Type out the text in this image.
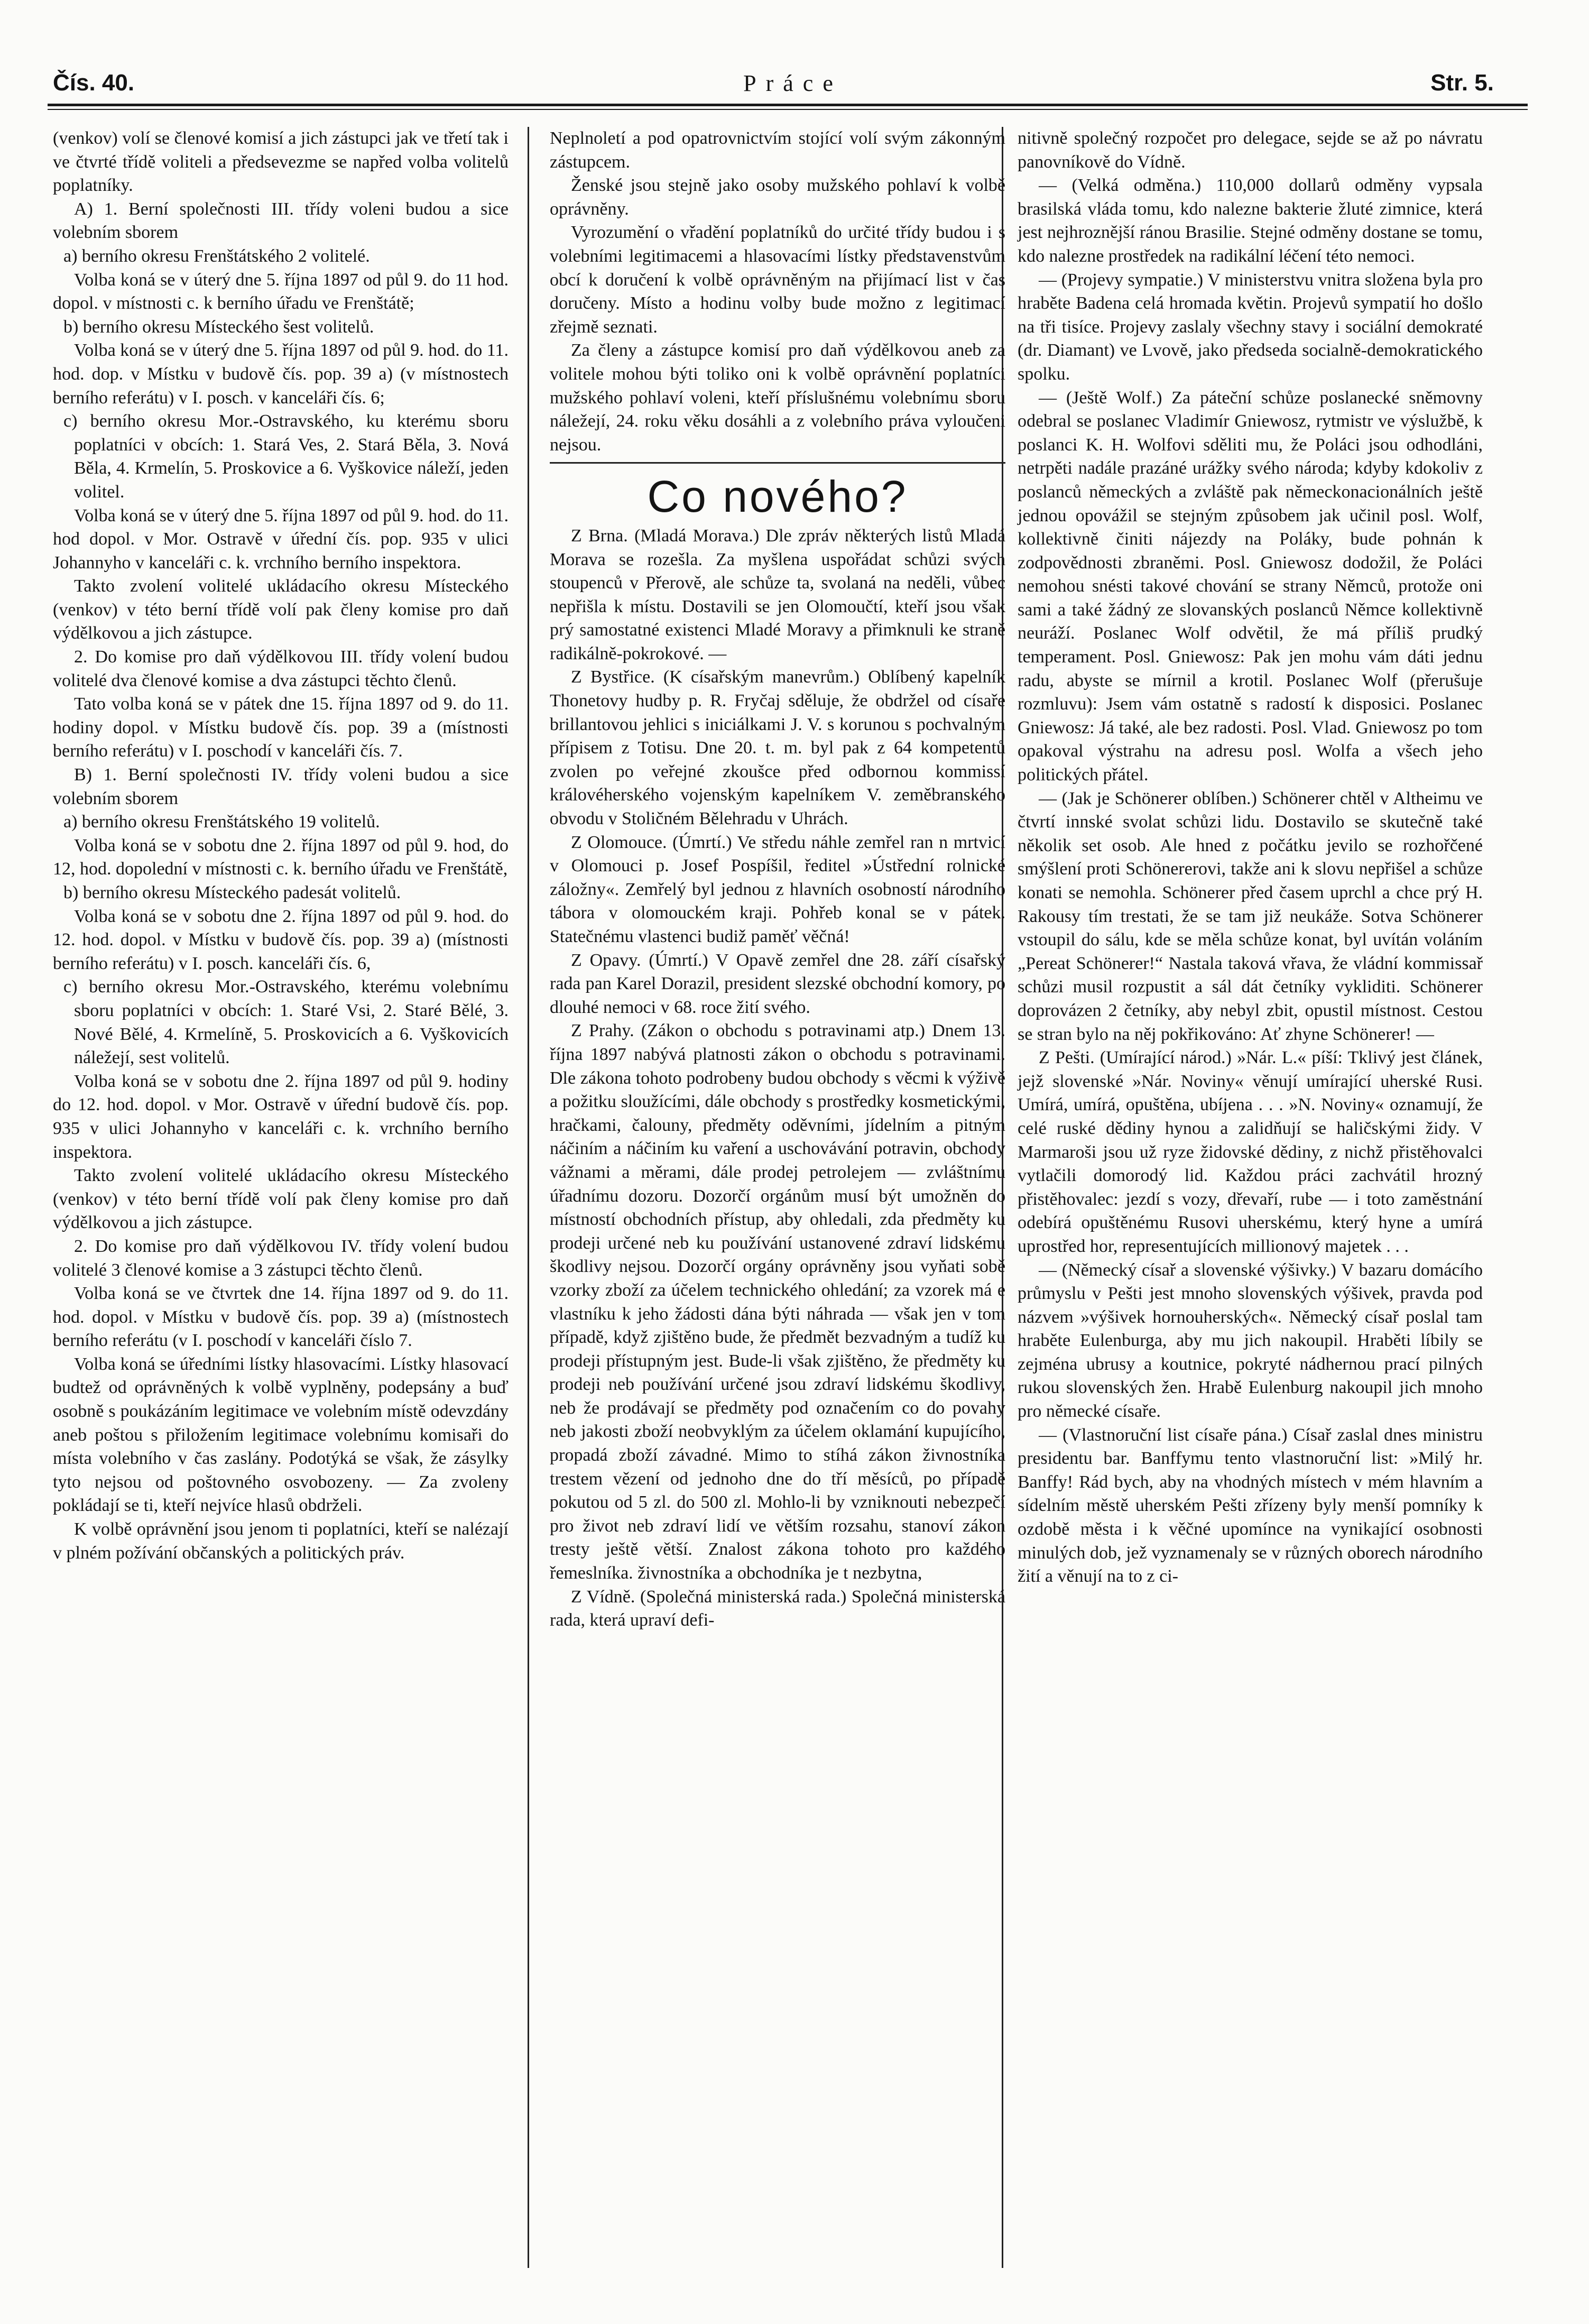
Čís. 40.	Práce	Str. 5.

(venkov) volí se členové komisí a jich zástupci jak ve třetí tak i ve čtvrté třídě voliteli a předsevezme se napřed volba volitelů poplatníky.

A) 1. Berní společnosti III. třídy voleni budou a sice volebním sborem

a) berního okresu Frenštátského 2 volitelé.

Volba koná se v úterý dne 5. října 1897 od půl 9. do 11 hod. dopol. v místnosti c. k berního úřadu ve Frenštátě;

b) berního okresu Místeckého šest volitelů.

Volba koná se v úterý dne 5. října 1897 od půl 9. hod. do 11. hod. dop. v Místku v budově čís. pop. 39 a) (v místnostech berního referátu) v I. posch. v kanceláři čís. 6;

c) berního okresu Mor.-Ostravského, ku kterému sboru poplatníci v obcích: 1. Stará Ves, 2. Stará Běla, 3. Nová Běla, 4. Krmelín, 5. Proskovice a 6. Vyškovice náleží, jeden volitel.

Volba koná se v úterý dne 5. října 1897 od půl 9. hod. do 11. hod dopol. v Mor. Ostravě v úřední čís. pop. 935 v ulici Johannyho v kanceláři c. k. vrchního berního inspektora.

Takto zvolení volitelé ukládacího okresu Místeckého (venkov) v této berní třídě volí pak členy komise pro daň výdělkovou a jich zástupce.

2. Do komise pro daň výdělkovou III. třídy volení budou volitelé dva členové komise a dva zástupci těchto členů.

Tato volba koná se v pátek dne 15. října 1897 od 9. do 11. hodiny dopol. v Místku budově čís. pop. 39 a (místnosti berního referátu) v I. poschodí v kanceláři čís. 7.

B) 1. Berní společnosti IV. třídy voleni budou a sice volebním sborem

a) berního okresu Frenštátského 19 volitelů.

Volba koná se v sobotu dne 2. října 1897 od půl 9. hod, do 12, hod. dopolední v místnosti c. k. berního úřadu ve Frenštátě,

b) berního okresu Místeckého padesát volitelů.

Volba koná se v sobotu dne 2. října 1897 od půl 9. hod. do 12. hod. dopol. v Místku v budově čís. pop. 39 a) (místnosti berního referátu) v I. posch. kanceláři čís. 6,

c) berního okresu Mor.-Ostravského, kterému volebnímu sboru poplatníci v obcích: 1. Staré Vsi, 2. Staré Bělé, 3. Nové Bělé, 4. Krmelíně, 5. Proskovicích a 6. Vyškovicích náležejí, sest volitelů.

Volba koná se v sobotu dne 2. října 1897 od půl 9. hodiny do 12. hod. dopol. v Mor. Ostravě v úřední budově čís. pop. 935 v ulici Johannyho v kanceláři c. k. vrchního berního inspektora.

Takto zvolení volitelé ukládacího okresu Místeckého (venkov) v této berní třídě volí pak členy komise pro daň výdělkovou a jich zástupce.

2. Do komise pro daň výdělkovou IV. třídy volení budou volitelé 3 členové komise a 3 zástupci těchto členů.

Volba koná se ve čtvrtek dne 14. října 1897 od 9. do 11. hod. dopol. v Místku v budově čís. pop. 39 a) (místnostech berního referátu (v I. poschodí v kanceláři číslo 7.

Volba koná se úředními lístky hlasovacími. Lístky hlasovací budtež od oprávněných k volbě vyplněny, podepsány a buď osobně s poukázáním legitimace ve volebním místě odevzdány aneb poštou s přiložením legitimace volebnímu komisaři do místa volebního v čas zaslány. Podotýká se však, že zásylky tyto nejsou od poštovného osvobozeny. — Za zvoleny pokládají se ti, kteří nejvíce hlasů obdrželi.

K volbě oprávnění jsou jenom ti poplatníci, kteří se nalézají v plném požívání občanských a politických práv.

Neplnoletí a pod opatrovnictvím stojící volí svým zákonným zástupcem.

Ženské jsou stejně jako osoby mužského pohlaví k volbě oprávněny.

Vyrozumění o vřadění poplatníků do určité třídy budou i s volebními legitimacemi a hlasovacími lístky představenstvům obcí k doručení k volbě oprávněným na přijímací list v čas doručeny. Místo a hodinu volby bude možno z legitimací zřejmě seznati.

Za členy a zástupce komisí pro daň výdělkovou aneb za volitele mohou býti toliko oni k volbě oprávnění poplatníci mužského pohlaví voleni, kteří příslušnému volebnímu sboru náležejí, 24. roku věku dosáhli a z volebního práva vyloučeni nejsou.

Co nového?

Z Brna. (Mladá Morava.) Dle zpráv některých listů Mladá Morava se rozešla. Za myšlena uspořádat schůzi svých stoupenců v Přerově, ale schůze ta, svolaná na neděli, vůbec nepřišla k místu. Dostavili se jen Olomoučtí, kteří jsou však prý samostatné existenci Mladé Moravy a přimknuli ke straně radikálně-pokrokové. —

Z Bystřice. (K císařským manevrům.) Oblíbený kapelník Thonetovy hudby p. R. Fryčaj sděluje, že obdržel od císaře brillantovou jehlici s iniciálkami J. V. s korunou s pochvalným přípisem z Totisu. Dne 20. t. m. byl pak z 64 kompetentů zvolen po veřejné zkoušce před odbornou kommissí královéherského vojenským kapelníkem V. zeměbranského obvodu v Stoličném Bělehradu v Uhrách.

Z Olomouce. (Úmrtí.) Ve středu náhle zemřel ran n mrtvicí v Olomouci p. Josef Pospíšil, ředitel »Ústřední rolnické záložny«. Zemřelý byl jednou z hlavních osobností národního tábora v olomouckém kraji. Pohřeb konal se v pátek. Statečnému vlastenci budiž paměť věčná!

Z Opavy. (Úmrtí.) V Opavě zemřel dne 28. září císařský rada pan Karel Dorazil, president slezské obchodní komory, po dlouhé nemoci v 68. roce žití svého.

Z Prahy. (Zákon o obchodu s potravinami atp.) Dnem 13. října 1897 nabývá platnosti zákon o obchodu s potravinami. Dle zákona tohoto podrobeny budou obchody s věcmi k výživě a požitku sloužícími, dále obchody s prostředky kosmetickými, hračkami, čalouny, předměty oděvními, jídelním a pitným náčiním a náčiním ku vaření a uschovávání potravin, obchody vážnami a měrami, dále prodej petrolejem — zvláštnímu úřadnímu dozoru. Dozorčí orgánům musí být umožněn do místností obchodních přístup, aby ohledali, zda předměty ku prodeji určené neb ku používání ustanovené zdraví lidskému škodlivy nejsou. Dozorčí orgány oprávněny jsou vyňati sobě vzorky zboží za účelem technického ohledání; za vzorek má e vlastníku k jeho žádosti dána býti náhrada — však jen v tom případě, když zjištěno bude, že předmět bezvadným a tudíž ku prodeji přístupným jest. Bude-li však zjištěno, že předměty ku prodeji neb používání určené jsou zdraví lidskému škodlivy, neb že prodávají se předměty pod označením co do povahy neb jakosti zboží neobvyklým za účelem oklamání kupujícího, propadá zboží závadné. Mimo to stíhá zákon živnostníka trestem vězení od jednoho dne do tří měsíců, po případě pokutou od 5 zl. do 500 zl. Mohlo-li by vzniknouti nebezpečí pro život neb zdraví lidí ve větším rozsahu, stanoví zákon tresty ještě větší. Znalost zákona tohoto pro každého řemeslníka. živnostníka a obchodníka je t nezbytna,

Z Vídně. (Společná ministerská rada.) Společná ministerská rada, která upraví defi-

nitivně společný rozpočet pro delegace, sejde se až po návratu panovníkově do Vídně.

— (Velká odměna.) 110,000 dollarů odměny vypsala brasilská vláda tomu, kdo nalezne bakterie žluté zimnice, která jest nejhroznější ránou Brasilie. Stejné odměny dostane se tomu, kdo nalezne prostředek na radikální léčení této nemoci.

— (Projevy sympatie.) V ministerstvu vnitra složena byla pro hraběte Badena celá hromada květin. Projevů sympatií ho došlo na tři tisíce. Projevy zaslaly všechny stavy i sociální demokraté (dr. Diamant) ve Lvově, jako předseda socialně-demokratického spolku.

— (Ještě Wolf.) Za páteční schůze poslanecké sněmovny odebral se poslanec Vladimír Gniewosz, rytmistr ve výslužbě, k poslanci K. H. Wolfovi sděliti mu, že Poláci jsou odhodláni, netrpěti nadále prazáné urážky svého národa; kdyby kdokoliv z poslanců německých a zvláště pak německonacionálních ještě jednou opovážil se stejným způsobem jak učinil posl. Wolf, kollektivně činiti nájezdy na Poláky, bude pohnán k zodpovědnosti zbraněmi. Posl. Gniewosz dodožil, že Poláci nemohou snésti takové chování se strany Němců, protože oni sami a také žádný ze slovanských poslanců Němce kollektivně neuráží. Poslanec Wolf odvětil, že má příliš prudký temperament. Posl. Gniewosz: Pak jen mohu vám dáti jednu radu, abyste se mírnil a krotil. Poslanec Wolf (přerušuje rozmluvu): Jsem vám ostatně s radostí k disposici. Poslanec Gniewosz: Já také, ale bez radosti. Posl. Vlad. Gniewosz po tom opakoval výstrahu na adresu posl. Wolfa a všech jeho politických přátel.

— (Jak je Schönerer oblíben.) Schönerer chtěl v Altheimu ve čtvrtí innské svolat schůzi lidu. Dostavilo se skutečně také několik set osob. Ale hned z počátku jevilo se rozhořčené smýšlení proti Schönererovi, takže ani k slovu nepřišel a schůze konati se nemohla. Schönerer před časem uprchl a chce prý H. Rakousy tím trestati, že se tam již neukáže. Sotva Schönerer vstoupil do sálu, kde se měla schůze konat, byl uvítán voláním „Pereat Schönerer!“ Nastala taková vřava, že vládní kommissař schůzi musil rozpustit a sál dát četníky vykliditi. Schönerer doprovázen 2 četníky, aby nebyl zbit, opustil místnost. Cestou se stran bylo na něj pokřikováno: Ať zhyne Schönerer! —

Z Pešti. (Umírající národ.) »Nár. L.« píší: Tklivý jest článek, jejž slovenské »Nár. Noviny« věnují umírající uherské Rusi. Umírá, umírá, opuštěna, ubíjena . . . »N. Noviny« oznamují, že celé ruské dědiny hynou a zalidňují se haličskými židy. V Marmaroši jsou už ryze židovské dědiny, z nichž přistěhovalci vytlačili domorodý lid. Každou práci zachvátil hrozný přistěhovalec: jezdí s vozy, dřevaří, rube — i toto zaměstnání odebírá opuštěnému Rusovi uherskému, který hyne a umírá uprostřed hor, representujících millionový majetek . . .

— (Německý císař a slovenské výšivky.) V bazaru domácího průmyslu v Pešti jest mnoho slovenských výšivek, pravda pod názvem »výšivek hornouherských«. Německý císař poslal tam hraběte Eulenburga, aby mu jich nakoupil. Hraběti líbily se zejména ubrusy a koutnice, pokryté nádhernou prací pilných rukou slovenských žen. Hrabě Eulenburg nakoupil jich mnoho pro německé císaře.

— (Vlastnoruční list císaře pána.) Císař zaslal dnes ministru presidentu bar. Banffymu tento vlastnoruční list: »Milý hr. Banffy! Rád bych, aby na vhodných místech v mém hlavním a sídelním městě uherském Pešti zřízeny byly menší pomníky k ozdobě města i k věčné upomínce na vynikající osobnosti minulých dob, jež vyznamenaly se v různých oborech národního žití a věnují na to z ci-
